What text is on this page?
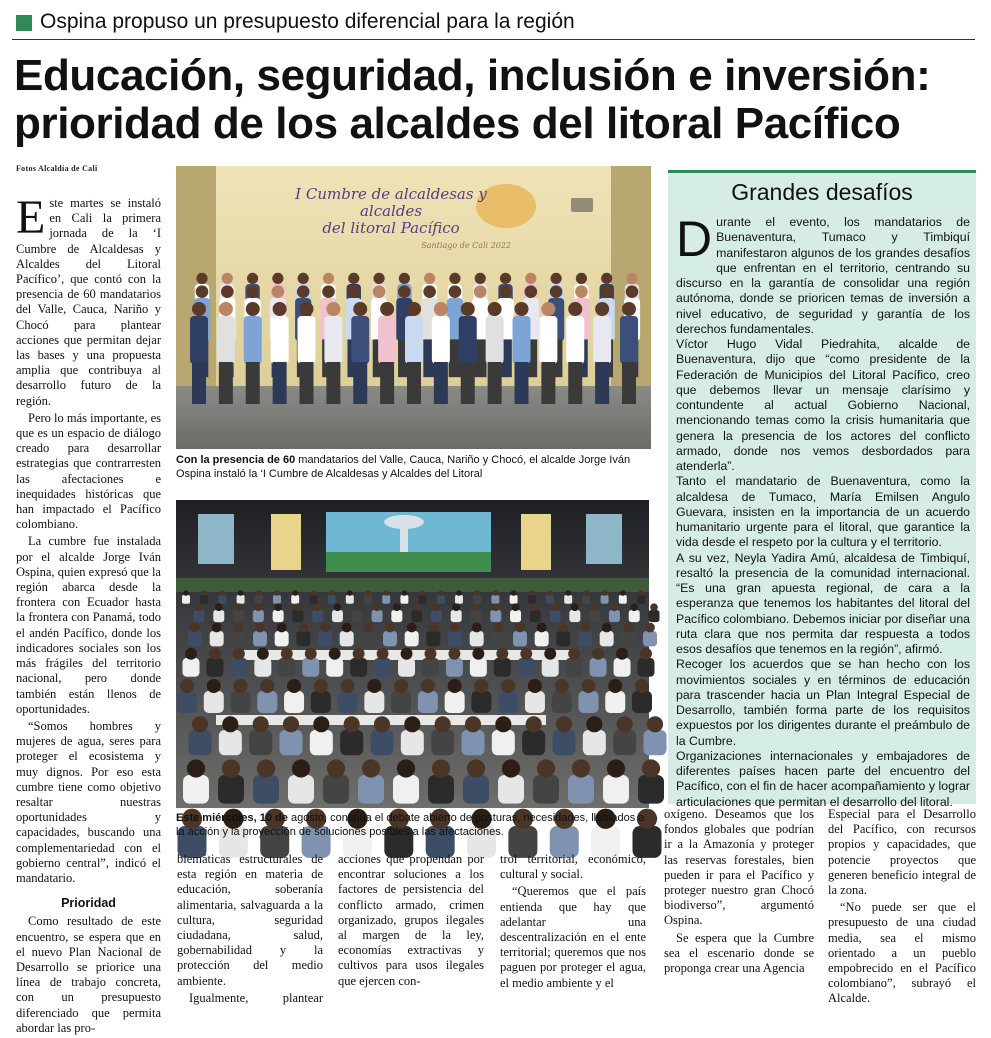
Ospina propuso un presupuesto diferencial para la región
Educación, seguridad, inclusión e inversión:
prioridad de los alcaldes del litoral Pacífico
Fotos Alcaldía de Cali

Este martes se instaló en Cali la primera jornada de la ‘I Cumbre de Alcaldesas y Alcaldes del Litoral Pacífico’, que contó con la presencia de 60 mandatarios del Valle, Cauca, Nariño y Chocó para plantear acciones que permitan dejar las bases y una propuesta amplia que contribuya al desarrollo futuro de la región.

Pero lo más importante, es que es un espacio de diálogo creado para desarrollar estrategias que contrarresten las afectaciones e inequidades históricas que han impactado el Pacífico colombiano.

La cumbre fue instalada por el alcalde Jorge Iván Ospina, quien expresó que la región abarca desde la frontera con Ecuador hasta la frontera con Panamá, todo el andén Pacífico, donde los indicadores sociales son los más frágiles del territorio nacional, pero donde también están llenos de oportunidades.

“Somos hombres y mujeres de agua, seres para proteger el ecosistema y muy dignos. Por eso esta cumbre tiene como objetivo resaltar nuestras oportunidades y capacidades, buscando una complementariedad con el gobierno central”, indicó el mandatario.

Prioridad

Como resultado de este encuentro, se espera que en el nuevo Plan Nacional de Desarrollo se priorice una línea de trabajo concreta, con un presupuesto diferenciado que permita abordar las pro-

I Cumbre de alcaldesas y alcaldes
del litoral Pacífico
Santiago de Cali 2022
Con la presencia de 60 mandatarios del Valle, Cauca, Nariño y Chocó, el alcalde Jorge Iván Ospina instaló la ‘I Cumbre de Alcaldesas y Alcaldes del Litoral
Este miércoles, 10 de agosto, continúa el debate abierto de posturas, necesidades, llamados a la acción y la proyección de soluciones posibles a las afectaciones.

blemáticas estructurales de esta región en materia de educación, soberanía alimentaria, salvaguarda a la cultura, seguridad ciudadana, salud, gobernabilidad y la protección del medio ambiente.

Igualmente, plantear

acciones que propendan por encontrar soluciones a los factores de persistencia del conflicto armado, crimen organizado, grupos ilegales al margen de la ley, economías extractivas y cultivos para usos ilegales que ejercen con-

trol territorial, económico, cultural y social.

“Queremos que el país entienda que hay que adelantar una descentralización en el ente territorial; queremos que nos paguen por proteger el agua, el medio ambiente y el

oxígeno. Deseamos que los fondos globales que podrían ir a la Amazonía y proteger las reservas forestales, bien pueden ir para el Pacífico y proteger nuestro gran Chocó biodiverso”, argumentó Ospina.

Se espera que la Cumbre sea el escenario donde se proponga crear una Agencia

Especial para el Desarrollo del Pacífico, con recursos propios y capacidades, que potencie proyectos que generen beneficio integral de la zona.

“No puede ser que el presupuesto de una ciudad media, sea el mismo orientado a un pueblo empobrecido en el Pacífico colombiano”, subrayó el Alcalde.

Grandes desafíos

Durante el evento, los mandatarios de Buenaventura, Tumaco y Timbiquí manifestaron algunos de los grandes desafíos que enfrentan en el territorio, centrando su discurso en la garantía de consolidar una región autónoma, donde se prioricen temas de inversión a nivel educativo, de seguridad y garantía de los derechos fundamentales.

Víctor Hugo Vidal Piedrahita, alcalde de Buenaventura, dijo que “como presidente de la Federación de Municipios del Litoral Pacífico, creo que debemos llevar un mensaje clarísimo y contundente al actual Gobierno Nacional, mencionando temas como la crisis humanitaria que genera la presencia de los actores del conflicto armado, donde nos vemos desbordados para atenderla”.

Tanto el mandatario de Buenaventura, como la alcaldesa de Tumaco, María Emilsen Angulo Guevara, insisten en la importancia de un acuerdo humanitario urgente para el litoral, que garantice la vida desde el respeto por la cultura y el territorio.

A su vez, Neyla Yadira Amú, alcaldesa de Timbiquí, resaltó la presencia de la comunidad internacional. “Es una gran apuesta regional, de cara a la esperanza que tenemos los habitantes del litoral del Pacífico colombiano. Debemos iniciar por diseñar una ruta clara que nos permita dar respuesta a todos esos desafíos que tenemos en la región”, afirmó.

Recoger los acuerdos que se han hecho con los movimientos sociales y en términos de educación para trascender hacia un Plan Integral Especial de Desarrollo, también forma parte de los requisitos expuestos por los dirigentes durante el preámbulo de la Cumbre.

Organizaciones internacionales y embajadores de diferentes países hacen parte del encuentro del Pacífico, con el fin de hacer acompañamiento y lograr articulaciones que permitan el desarrollo del litoral.
